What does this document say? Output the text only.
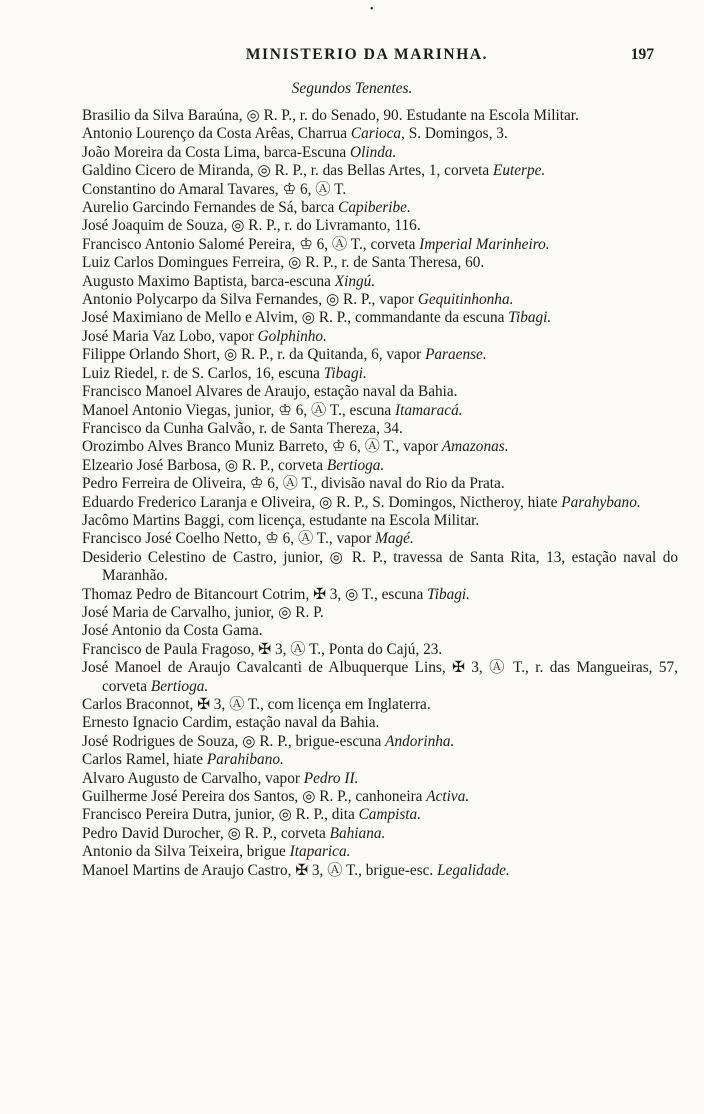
•
MINISTERIO DA MARINHA.	197
Segundos Tenentes.
Brasilio da Silva Baraúna, ◎ R. P., r. do Senado, 90. Estudante na Escola Militar.
Antonio Lourenço da Costa Arêas, Charrua Carioca, S. Domingos, 3.
João Moreira da Costa Lima, barca-Escuna Olinda.
Galdino Cicero de Miranda, ◎ R. P., r. das Bellas Artes, 1, corveta Euterpe.
Constantino do Amaral Tavares, ♔ 6, Ⓐ T.
Aurelio Garcindo Fernandes de Sá, barca Capiberibe.
José Joaquim de Souza, ◎ R. P., r. do Livramanto, 116.
Francisco Antonio Salomé Pereira, ♔ 6, Ⓐ T., corveta Imperial Marinheiro.
Luiz Carlos Domingues Ferreira, ◎ R. P., r. de Santa Theresa, 60.
Augusto Maximo Baptista, barca-escuna Xingú.
Antonio Polycarpo da Silva Fernandes, ◎ R. P., vapor Gequitinhonha.
José Maximiano de Mello e Alvim, ◎ R. P., commandante da escuna Tibagi.
José Maria Vaz Lobo, vapor Golphinho.
Filippe Orlando Short, ◎ R. P., r. da Quitanda, 6, vapor Paraense.
Luiz Riedel, r. de S. Carlos, 16, escuna Tibagi.
Francisco Manoel Alvares de Araujo, estação naval da Bahia.
Manoel Antonio Viegas, junior, ♔ 6, Ⓐ T., escuna Itamaracá.
Francisco da Cunha Galvão, r. de Santa Thereza, 34.
Orozimbo Alves Branco Muniz Barreto, ♔ 6, Ⓐ T., vapor Amazonas.
Elzeario José Barbosa, ◎ R. P., corveta Bertioga.
Pedro Ferreira de Oliveira, ♔ 6, Ⓐ T., divisão naval do Rio da Prata.
Eduardo Frederico Laranja e Oliveira, ◎ R. P., S. Domingos, Nictheroy, hiate Parahybano.
Jacômo Martins Baggi, com licença, estudante na Escola Militar.
Francisco José Coelho Netto, ♔ 6, Ⓐ T., vapor Magé.
Desiderio Celestino de Castro, junior, ◎ R. P., travessa de Santa Rita, 13, estação naval do Maranhão.
Thomaz Pedro de Bitancourt Cotrim, ✠ 3, ◎ T., escuna Tibagi.
José Maria de Carvalho, junior, ◎ R. P.
José Antonio da Costa Gama.
Francisco de Paula Fragoso, ✠ 3, Ⓐ T., Ponta do Cajú, 23.
José Manoel de Araujo Cavalcanti de Albuquerque Lins, ✠ 3, Ⓐ T., r. das Mangueiras, 57, corveta Bertioga.
Carlos Braconnot, ✠ 3, Ⓐ T., com licença em Inglaterra.
Ernesto Ignacio Cardim, estação naval da Bahia.
José Rodrigues de Souza, ◎ R. P., brigue-escuna Andorinha.
Carlos Ramel, hiate Parahibano.
Alvaro Augusto de Carvalho, vapor Pedro II.
Guilherme José Pereira dos Santos, ◎ R. P., canhoneira Activa.
Francisco Pereira Dutra, junior, ◎ R. P., dita Campista.
Pedro David Durocher, ◎ R. P., corveta Bahiana.
Antonio da Silva Teixeira, brigue Itaparica.
Manoel Martins de Araujo Castro, ✠ 3, Ⓐ T., brigue-esc. Legalidade.
